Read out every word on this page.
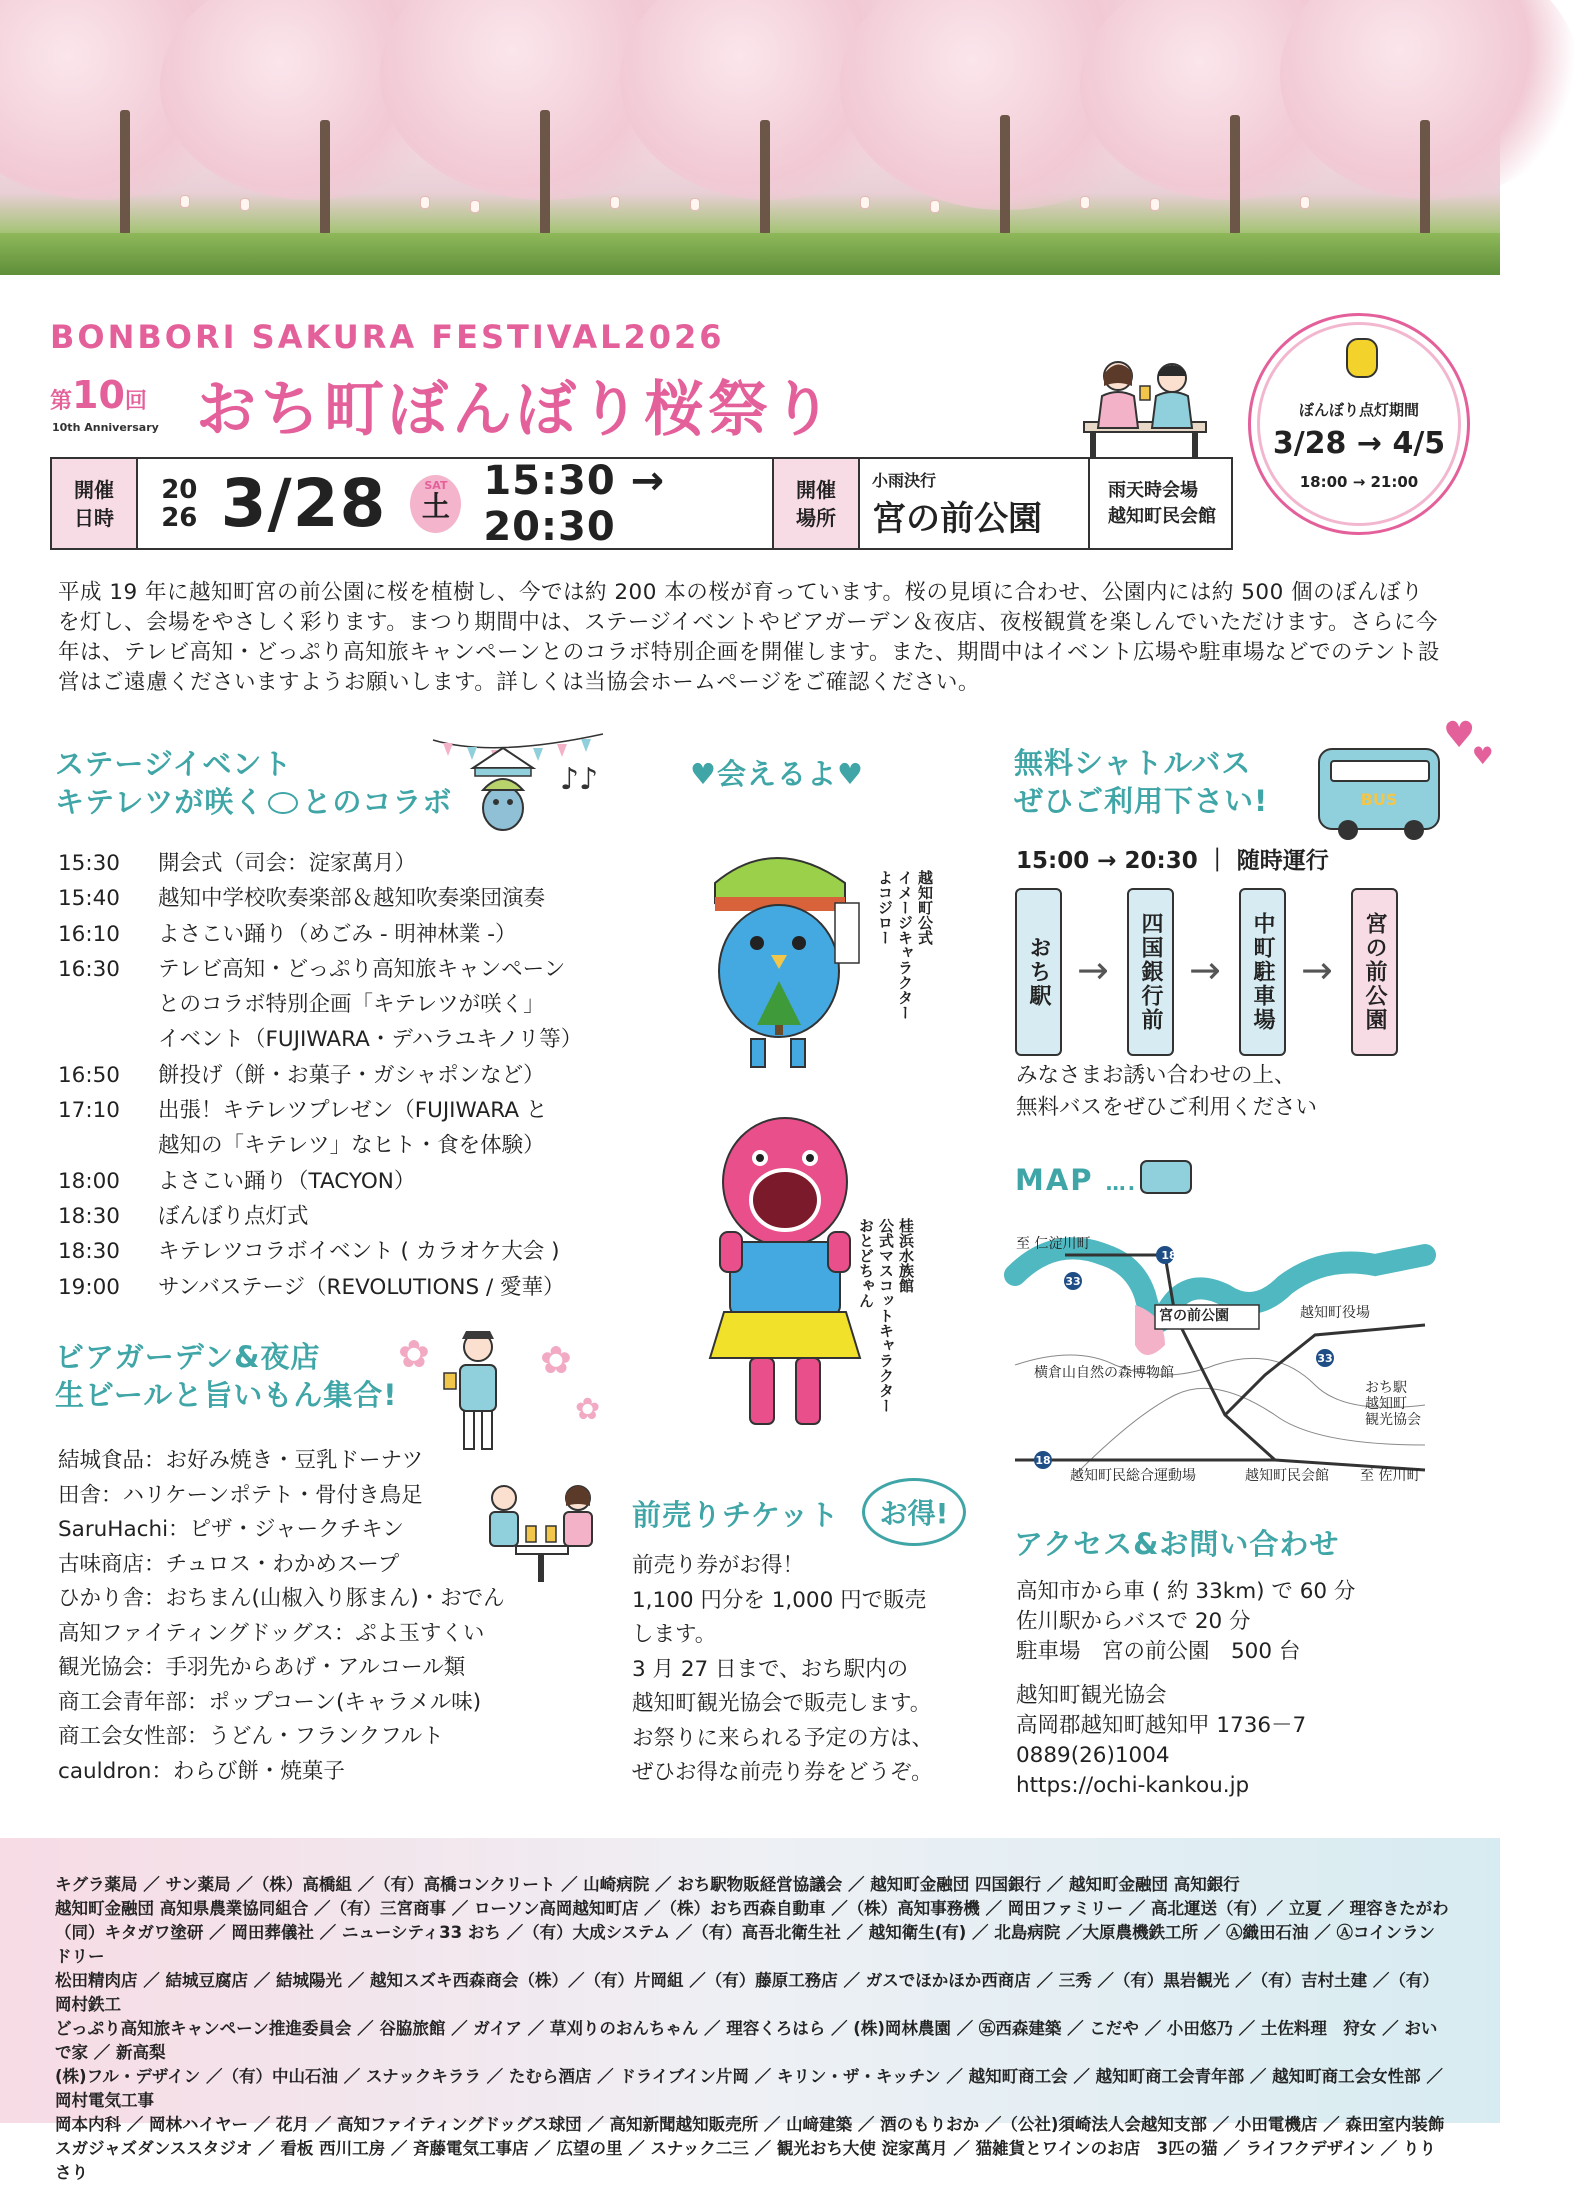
BONBORI SAKURA FESTIVAL2026
第10回
10th Anniversary おち町ぼんぼり桜祭り	ぼんぼり点灯期間
3/28 → 4/5
18:00 → 21:00
開催
日時
20
26 3/28	SAT
土
15:30 → 20:30
開催
場所
小雨決行
宮の前公園
雨天時会場
越知町民会館

平成 19 年に越知町宮の前公園に桜を植樹し、今では約 200 本の桜が育っています。桜の見頃に合わせ、公園内には約 500 個のぼんぼりを灯し、会場をやさしく彩ります。まつり期間中は、ステージイベントやビアガーデン＆夜店、夜桜観賞を楽しんでいただけます。さらに今年は、テレビ高知・どっぷり高知旅キャンペーンとのコラボ特別企画を開催します。また、期間中はイベント広場や駐車場などでのテント設営はご遠慮くださいますようお願いします。詳しくは当協会ホームページをご確認ください。

ステージイベント
キテレツが咲く とのコラボ
♪♪
15:30	開会式（司会：淀家萬月）
15:40	越知中学校吹奏楽部＆越知吹奏楽団演奏
16:10	よさこい踊り（めごみ - 明神林業 -）
16:30	テレビ高知・どっぷり高知旅キャンペーン
とのコラボ特別企画「キテレツが咲く」
イベント（FUJIWARA・デハラユキノリ等）
16:50	餅投げ（餅・お菓子・ガシャポンなど）
17:10	出張！キテレツプレゼン（FUJIWARA と
越知の「キテレツ」なヒト・食を体験）
18:00	よさこい踊り（TACYON）
18:30	ぼんぼり点灯式
18:30	キテレツコラボイベント ( カラオケ大会 )
19:00	サンバステージ（REVOLUTIONS / 愛華）
ビアガーデン&夜店
生ビールと旨いもん集合!
✿	✿
✿
結城食品：お好み焼き・豆乳ドーナツ
田舎：ハリケーンポテト・骨付き鳥足
SaruHachi：ピザ・ジャークチキン
古味商店：チュロス・わかめスープ
ひかり舎：おちまん(山椒入り豚まん)・おでん
高知ファイティングドッグス：ぷよ玉すくい
観光協会：手羽先からあげ・アルコール類
商工会青年部：ポップコーン(キャラメル味)
商工会女性部：うどん・フランクフルト
cauldron：わらび餅・焼菓子
♥会えるよ♥
越知町公式
イメージキャラクター
よコジロー
桂浜水族館
公式マスコットキャラクター
おとどちゃん
前売りチケット	お得!
前売り券がお得！
1,100 円分を 1,000 円で販売
します。
3 月 27 日まで、おち駅内の
越知町観光協会で販売します。
お祭りに来られる予定の方は、
ぜひお得な前売り券をどうぞ。
無料シャトルバス
ぜひご利用下さい!	BUS
♥
♥
15:00 → 20:30 ｜ 随時運行
おち駅 →	四国銀行前 →	中町駐車場 →	宮の前公園
みなさまお誘い合わせの上、
無料バスをぜひご利用ください
MAP ….
至 仁淀川町
宮の前公園	越知町役場
横倉山自然の森博物館
おち駅
越知町
観光協会
越知町民総合運動場	越知町民会館 至 佐川町
18
33
33
18
アクセス&お問い合わせ
高知市から車 ( 約 33km) で 60 分
佐川駅からバスで 20 分
駐車場　宮の前公園　500 台
越知町観光協会
高岡郡越知町越知甲 1736－7
0889(26)1004
https://ochi-kankou.jp
キグラ薬局 ／ サン薬局 ／（株）高橋組 ／（有）高橋コンクリート ／ 山崎病院 ／ おち駅物販経営協議会 ／ 越知町金融団 四国銀行 ／ 越知町金融団 高知銀行
越知町金融団 高知県農業協同組合 ／（有）三宮商事 ／ ローソン高岡越知町店 ／（株）おち西森自動車 ／（株）高知事務機 ／ 岡田ファミリー ／ 高北運送（有）／ 立夏 ／ 理容きたがわ
（同）キタガワ塗研 ／ 岡田葬儀社 ／ ニューシティ33 おち ／（有）大成システム ／（有）高吾北衛生社 ／ 越知衛生(有) ／ 北島病院 ／大原農機鉄工所 ／ Ⓐ織田石油 ／ Ⓐコインランドリー
松田精肉店 ／ 結城豆腐店 ／ 結城陽光 ／ 越知スズキ西森商会（株）／（有）片岡組 ／（有）藤原工務店 ／ ガスでほかほか西商店 ／ 三秀 ／（有）黒岩観光 ／（有）吉村土建 ／（有）岡村鉄工
どっぷり高知旅キャンペーン推進委員会 ／ 谷脇旅館 ／ ガイア ／ 草刈りのおんちゃん ／ 理容くろはら ／ (株)岡林農園 ／ ㊄西森建築 ／ こだや ／ 小田悠乃 ／ 土佐料理　狩女 ／ おいで家 ／ 新高梨
(株)フル・デザイン ／（有）中山石油 ／ スナックキララ ／ たむら酒店 ／ ドライブイン片岡 ／ キリン・ザ・キッチン ／ 越知町商工会 ／ 越知町商工会青年部 ／ 越知町商工会女性部 ／ 岡村電気工事
岡本内科 ／ 岡林ハイヤー ／ 花月 ／ 高知ファイティングドッグス球団 ／ 高知新聞越知販売所 ／ 山﨑建築 ／ 酒のもりおか ／（公社)須崎法人会越知支部 ／ 小田電機店 ／ 森田室内装飾
スガジャズダンススタジオ ／ 看板 西川工房 ／ 斉藤電気工事店 ／ 広望の里 ／ スナック二三 ／ 観光おち大使 淀家萬月 ／ 猫雑貨とワインのお店　3匹の猫 ／ ライフクデザイン ／ りりさり
